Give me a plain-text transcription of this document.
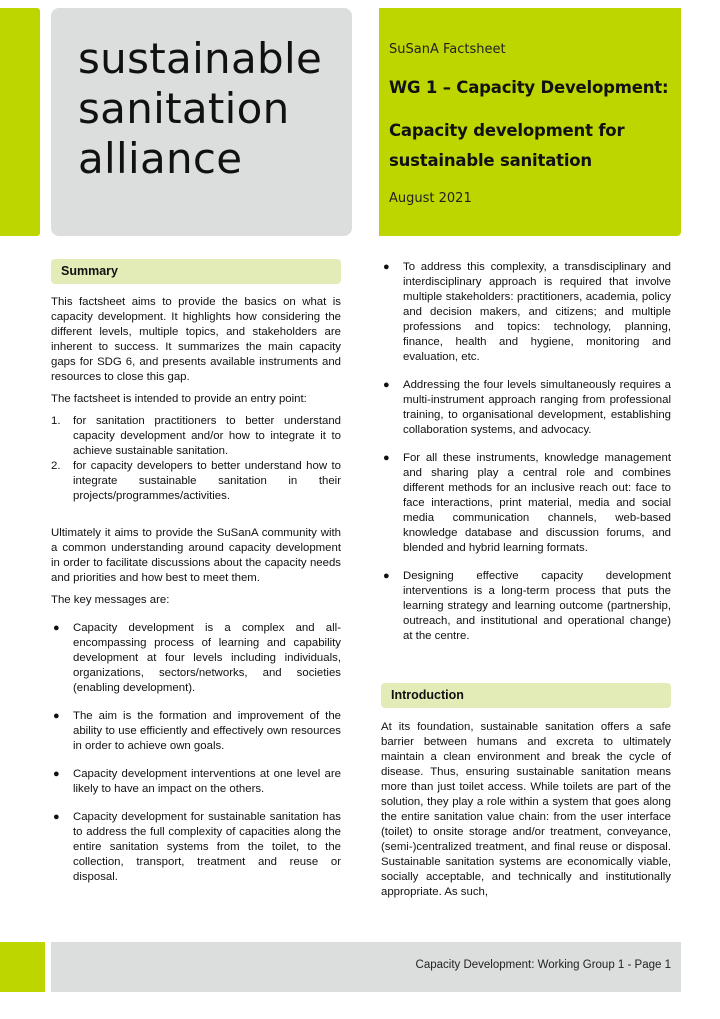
sustainable
sanitation
alliance
SuSanA Factsheet
WG 1 – Capacity Development:
Capacity development for sustainable sanitation
August 2021
Summary

This factsheet aims to provide the basics on what is capacity development. It highlights how considering the different levels, multiple topics, and stakeholders are inherent to success. It summarizes the main capacity gaps for SDG 6, and presents available instruments and resources to close this gap.

The factsheet is intended to provide an entry point:

1. for sanitation practitioners to better understand capacity development and/or how to integrate it to achieve sustainable sanitation.
2. for capacity developers to better understand how to integrate sustainable sanitation in their projects/programmes/activities.

Ultimately it aims to provide the SuSanA community with a common understanding around capacity development in order to facilitate discussions about the capacity needs and priorities and how best to meet them.

The key messages are:

● Capacity development is a complex and all-encompassing process of learning and capability development at four levels including individuals, organizations, sectors/networks, and societies (enabling development).
● The aim is the formation and improvement of the ability to use efficiently and effectively own resources in order to achieve own goals.
● Capacity development interventions at one level are likely to have an impact on the others.
● Capacity development for sustainable sanitation has to address the full complexity of capacities along the entire sanitation systems from the toilet, to the collection, transport, treatment and reuse or disposal.
● To address this complexity, a transdisciplinary and interdisciplinary approach is required that involve multiple stakeholders: practitioners, academia, policy and decision makers, and citizens; and multiple professions and topics: technology, planning, finance, health and hygiene, monitoring and evaluation, etc.
● Addressing the four levels simultaneously requires a multi-instrument approach ranging from professional training, to organisational development, establishing collaboration systems, and advocacy.
● For all these instruments, knowledge management and sharing play a central role and combines different methods for an inclusive reach out: face to face interactions, print material, media and social media communication channels, web-based knowledge database and discussion forums, and blended and hybrid learning formats.
● Designing effective capacity development interventions is a long-term process that puts the learning strategy and learning outcome (partnership, outreach, and institutional and operational change) at the centre.
Introduction

At its foundation, sustainable sanitation offers a safe barrier between humans and excreta to ultimately maintain a clean environment and break the cycle of disease. Thus, ensuring sustainable sanitation means more than just toilet access. While toilets are part of the solution, they play a role within a system that goes along the entire sanitation value chain: from the user interface (toilet) to onsite storage and/or treatment, conveyance, (semi-)centralized treatment, and final reuse or disposal. Sustainable sanitation systems are economically viable, socially acceptable, and technically and institutionally appropriate. As such,

Capacity Development: Working Group 1 - Page 1
